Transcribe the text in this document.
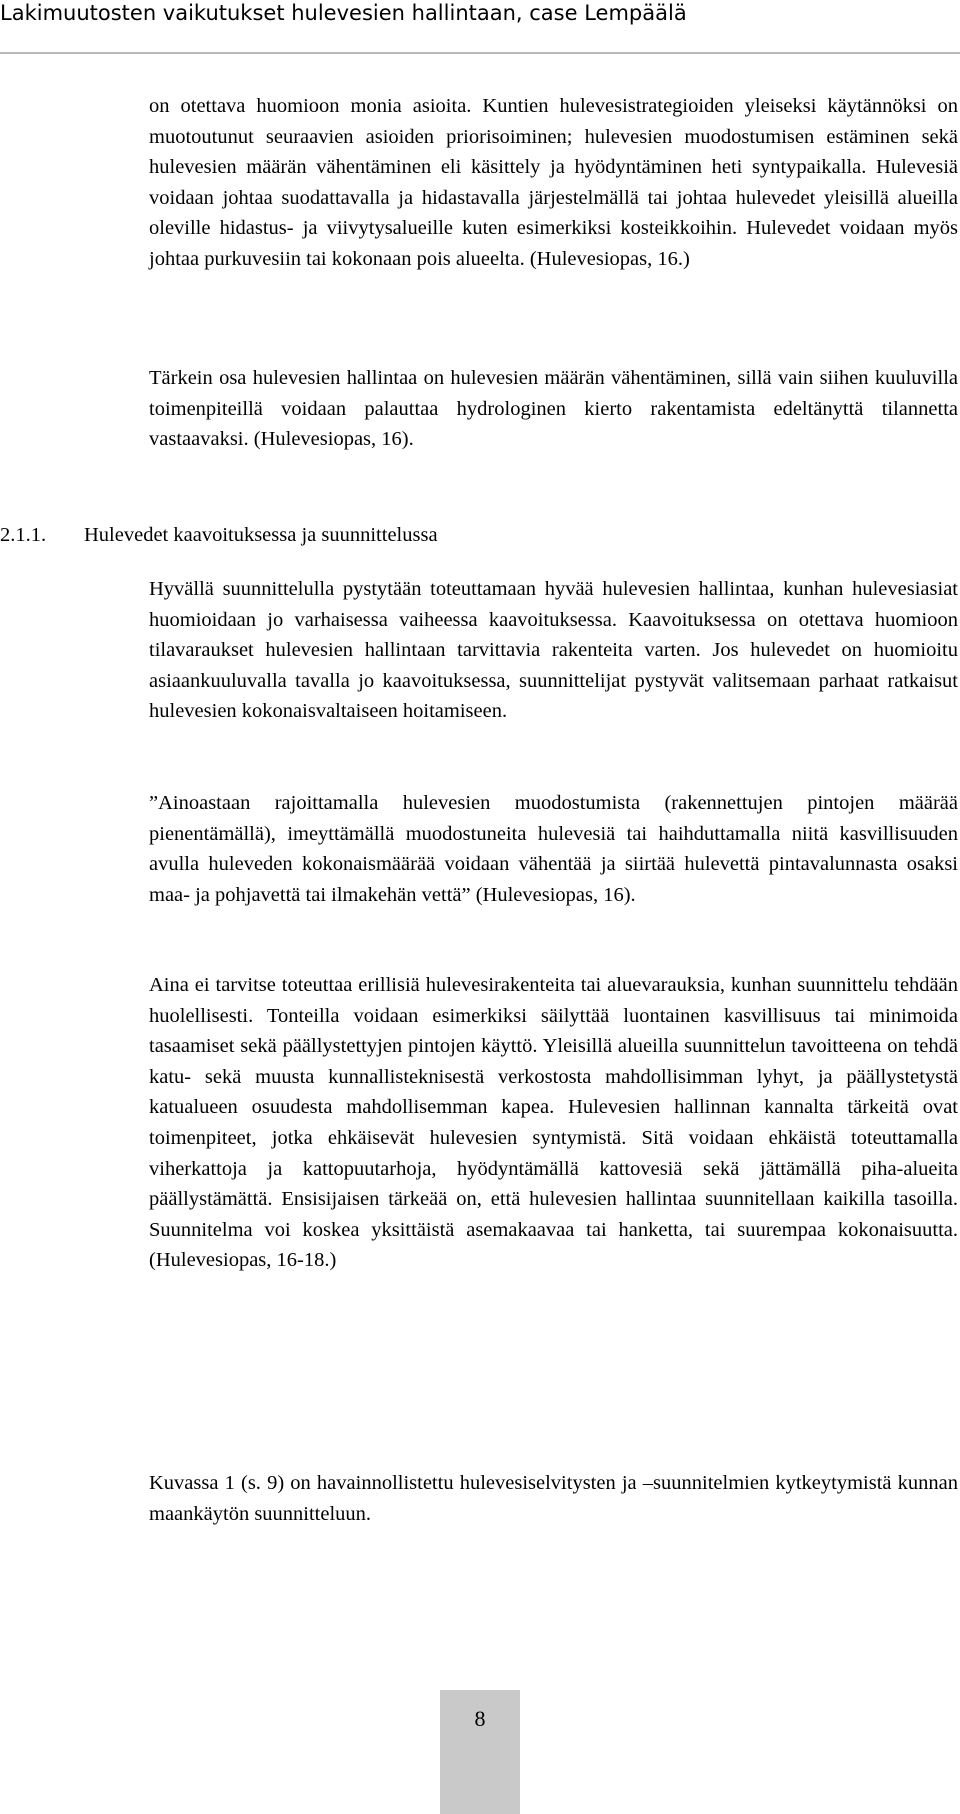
Lakimuutosten vaikutukset hulevesien hallintaan, case Lempäälä

on otettava huomioon monia asioita. Kuntien hulevesistrategioiden yleiseksi käytännöksi on muotoutunut seuraavien asioiden priorisoiminen; hulevesien muodostumisen estäminen sekä hulevesien määrän vähentäminen eli käsittely ja hyödyntäminen heti syntypaikalla. Hulevesiä voidaan johtaa suodattavalla ja hidastavalla järjestelmällä tai johtaa hulevedet yleisillä alueilla oleville hidastus- ja viivytysalueille kuten esimerkiksi kosteikkoihin. Hulevedet voidaan myös johtaa purkuvesiin tai kokonaan pois alueelta. (Hulevesiopas, 16.)

Tärkein osa hulevesien hallintaa on hulevesien määrän vähentäminen, sillä vain siihen kuuluvilla toimenpiteillä voidaan palauttaa hydrologinen kierto rakentamista edeltänyttä tilannetta vastaavaksi. (Hulevesiopas, 16).

2.1.1. Hulevedet kaavoituksessa ja suunnittelussa

Hyvällä suunnittelulla pystytään toteuttamaan hyvää hulevesien hallintaa, kunhan hulevesiasiat huomioidaan jo varhaisessa vaiheessa kaavoituksessa. Kaavoituksessa on otettava huomioon tilavaraukset hulevesien hallintaan tarvittavia rakenteita varten. Jos hulevedet on huomioitu asiaankuuluvalla tavalla jo kaavoituksessa, suunnittelijat pystyvät valitsemaan parhaat ratkaisut hulevesien kokonaisvaltaiseen hoitamiseen.

”Ainoastaan rajoittamalla hulevesien muodostumista (rakennettujen pintojen määrää pienentämällä), imeyttämällä muodostuneita hulevesiä tai haihduttamalla niitä kasvillisuuden avulla huleveden kokonaismäärää voidaan vähentää ja siirtää hulevettä pintavalunnasta osaksi maa- ja pohjavettä tai ilmakehän vettä” (Hulevesiopas, 16).

Aina ei tarvitse toteuttaa erillisiä hulevesirakenteita tai aluevarauksia, kunhan suunnittelu tehdään huolellisesti. Tonteilla voidaan esimerkiksi säilyttää luontainen kasvillisuus tai minimoida tasaamiset sekä päällystettyjen pintojen käyttö. Yleisillä alueilla suunnittelun tavoitteena on tehdä katu- sekä muusta kunnallisteknisestä verkostosta mahdollisimman lyhyt, ja päällystetystä katualueen osuudesta mahdollisemman kapea. Hulevesien hallinnan kannalta tärkeitä ovat toimenpiteet, jotka ehkäisevät hulevesien syntymistä. Sitä voidaan ehkäistä toteuttamalla viherkattoja ja kattopuutarhoja, hyödyntämällä kattovesiä sekä jättämällä piha-alueita päällystämättä. Ensisijaisen tärkeää on, että hulevesien hallintaa suunnitellaan kaikilla tasoilla. Suunnitelma voi koskea yksittäistä asemakaavaa tai hanketta, tai suurempaa kokonaisuutta. (Hulevesiopas, 16-18.)

Kuvassa 1 (s. 9) on havainnollistettu hulevesiselvitysten ja –suunnitelmien kytkeytymistä kunnan maankäytön suunnitteluun.

8
